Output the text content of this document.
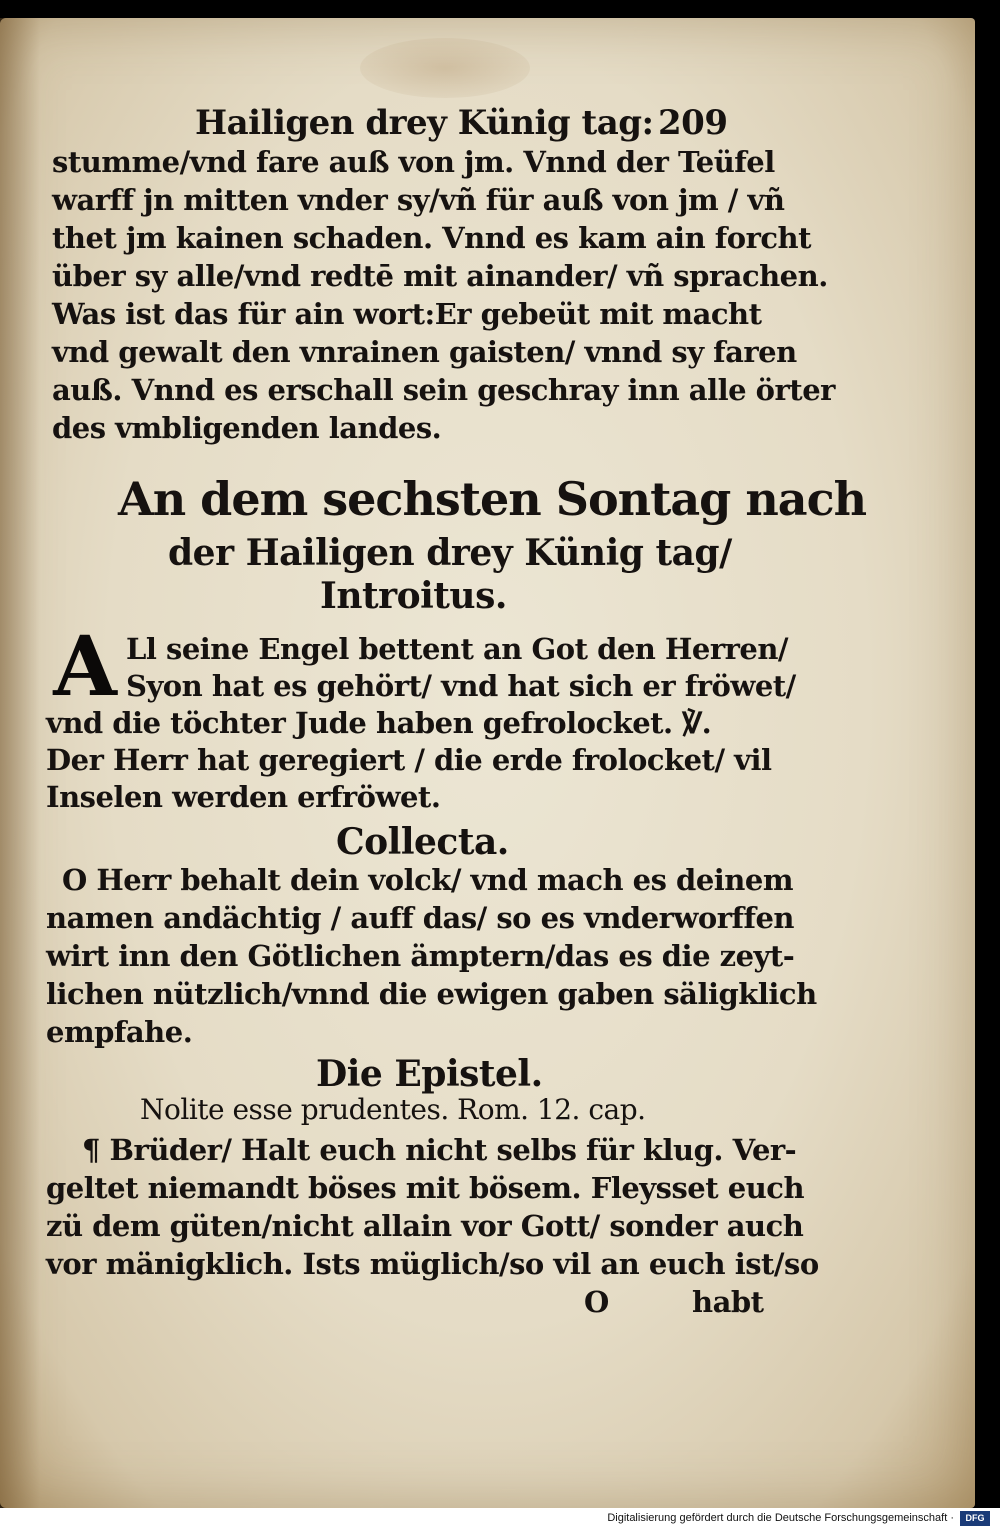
Hailigen drey Künig tag: 209
stumme/vnd fare auß von jm. Vnnd der Teüfel
warff jn mitten vnder sy/vñ für auß von jm / vñ
thet jm kainen schaden. Vnnd es kam ain forcht
über sy alle/vnd redtē mit ainander/ vñ sprachen.
Was ist das für ain wort:Er gebeüt mit macht
vnd gewalt den vnrainen gaisten/ vnnd sy faren
auß. Vnnd es erschall sein geschray inn alle örter
des vmbligenden landes.
An dem sechsten Sontag nach
der Hailigen drey Künig tag/
Introitus.
A Ll seine Engel bettent an Got den Herren/
Syon hat es gehört/ vnd hat sich er fröwet/
vnd die töchter Jude haben gefrolocket. ℣.
Der Herr hat geregiert / die erde frolocket/ vil
Inselen werden erfröwet.
Collecta.
O Herr behalt dein volck/ vnd mach es deinem
namen andächtig / auff das/ so es vnderworffen
wirt inn den Götlichen ämptern/das es die zeyt-
lichen nützlich/vnnd die ewigen gaben säligklich
empfahe.
Die Epistel.
Nolite esse prudentes. Rom. 12. cap.
¶ Brüder/ Halt euch nicht selbs für klug. Ver-
geltet niemandt böses mit bösem. Fleysset euch
zü dem güten/nicht allain vor Gott/ sonder auch
vor mänigklich. Ists müglich/so vil an euch ist/so
O	habt
Digitalisierung gefördert durch die Deutsche Forschungsgemeinschaft ·	DFG
